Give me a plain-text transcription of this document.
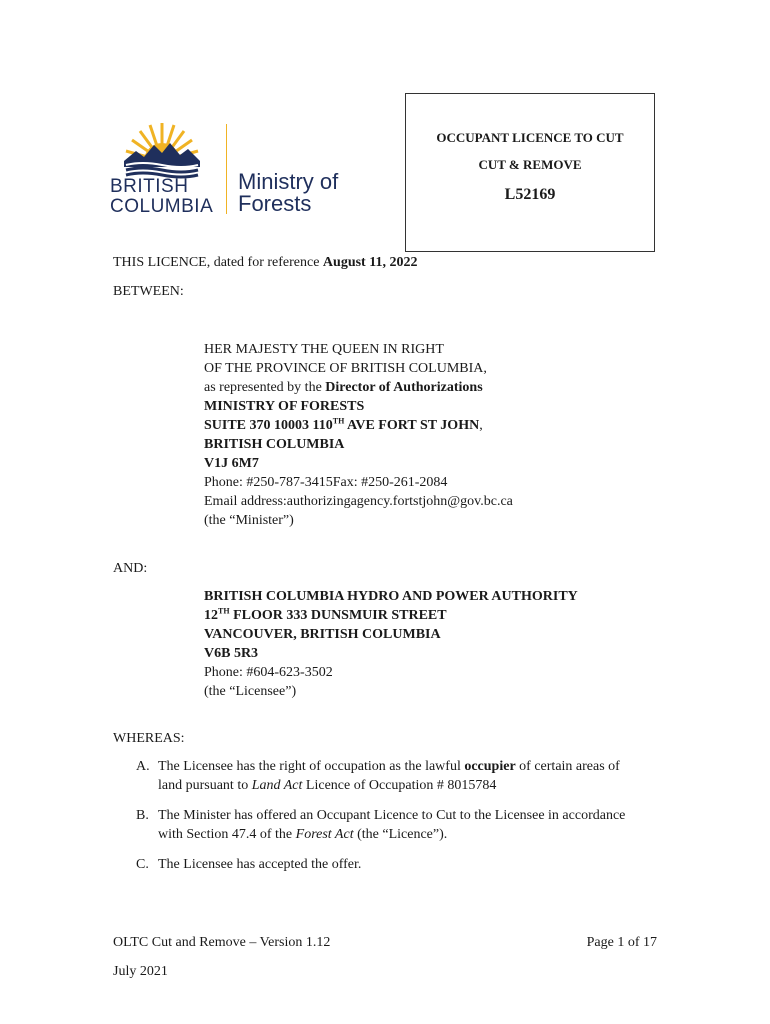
BRITISH
COLUMBIA
Ministry of
Forests
OCCUPANT LICENCE TO CUT
CUT & REMOVE
L52169
THIS LICENCE, dated for reference August 11, 2022
BETWEEN:
HER MAJESTY THE QUEEN IN RIGHT
OF THE PROVINCE OF BRITISH COLUMBIA,
as represented by the Director of Authorizations
MINISTRY OF FORESTS
SUITE 370 10003 110TH AVE FORT ST JOHN,
BRITISH COLUMBIA
V1J 6M7
Phone: #250-787-3415Fax: #250-261-2084
Email address:authorizingagency.fortstjohn@gov.bc.ca
(the “Minister”)
AND:
BRITISH COLUMBIA HYDRO AND POWER AUTHORITY
12TH FLOOR 333 DUNSMUIR STREET
VANCOUVER, BRITISH COLUMBIA
V6B 5R3
Phone: #604-623-3502
(the “Licensee”)
WHEREAS:
A. The Licensee has the right of occupation as the lawful occupier of certain areas of
land pursuant to Land Act Licence of Occupation # 8015784
B. The Minister has offered an Occupant Licence to Cut to the Licensee in accordance
with Section 47.4 of the Forest Act (the “Licence”).
C. The Licensee has accepted the offer.
OLTC Cut and Remove – Version 1.12	Page 1 of 17
July 2021
